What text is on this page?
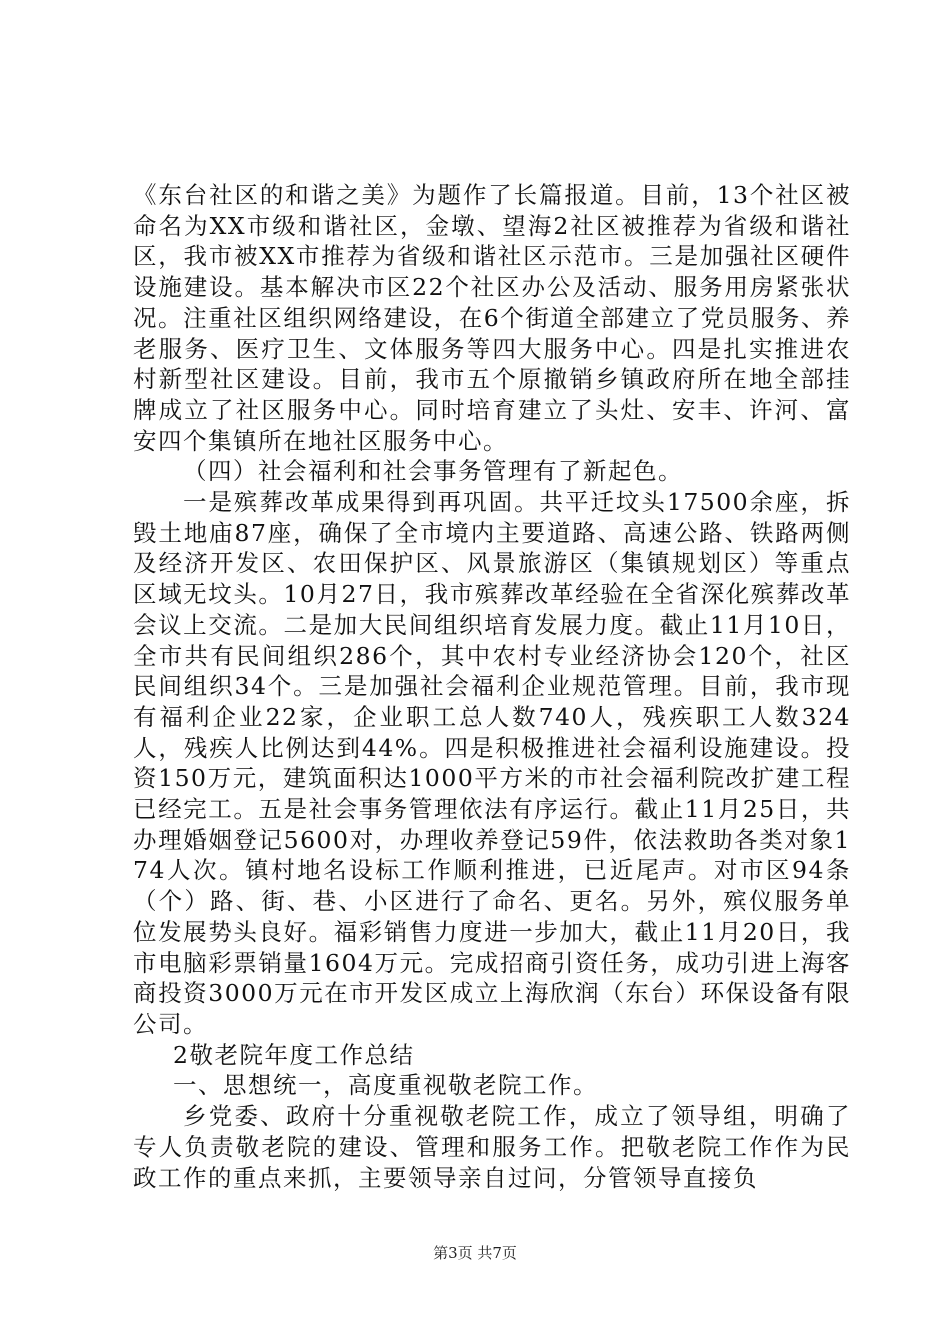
《东台社区的和谐之美》为题作了长篇报道。目前，13个社区被命名为XX市级和谐社区，金墩、望海2社区被推荐为省级和谐社区，我市被XX市推荐为省级和谐社区示范市。三是加强社区硬件设施建设。基本解决市区22个社区办公及活动、服务用房紧张状况。注重社区组织网络建设，在6个街道全部建立了党员服务、养老服务、医疗卫生、文体服务等四大服务中心。四是扎实推进农村新型社区建设。目前，我市五个原撤销乡镇政府所在地全部挂牌成立了社区服务中心。同时培育建立了头灶、安丰、许河、富安四个集镇所在地社区服务中心。

（四）社会福利和社会事务管理有了新起色。

一是殡葬改革成果得到再巩固。共平迁坟头17500余座，拆毁土地庙87座，确保了全市境内主要道路、高速公路、铁路两侧及经济开发区、农田保护区、风景旅游区（集镇规划区）等重点区域无坟头。10月27日，我市殡葬改革经验在全省深化殡葬改革会议上交流。二是加大民间组织培育发展力度。截止11月10日，全市共有民间组织286个，其中农村专业经济协会120个，社区民间组织34个。三是加强社会福利企业规范管理。目前，我市现有福利企业22家，企业职工总人数740人，残疾职工人数324人，残疾人比例达到44%。四是积极推进社会福利设施建设。投资150万元，建筑面积达1000平方米的市社会福利院改扩建工程已经完工。五是社会事务管理依法有序运行。截止11月25日，共办理婚姻登记5600对，办理收养登记59件，依法救助各类对象174人次。镇村地名设标工作顺利推进，已近尾声。对市区94条（个）路、街、巷、小区进行了命名、更名。另外，殡仪服务单位发展势头良好。福彩销售力度进一步加大，截止11月20日，我市电脑彩票销量1604万元。完成招商引资任务，成功引进上海客商投资3000万元在市开发区成立上海欣润（东台）环保设备有限公司。

2敬老院年度工作总结

一、思想统一，高度重视敬老院工作。

乡党委、政府十分重视敬老院工作，成立了领导组，明确了专人负责敬老院的建设、管理和服务工作。把敬老院工作作为民政工作的重点来抓，主要领导亲自过问，分管领导直接负

第3页 共7页
